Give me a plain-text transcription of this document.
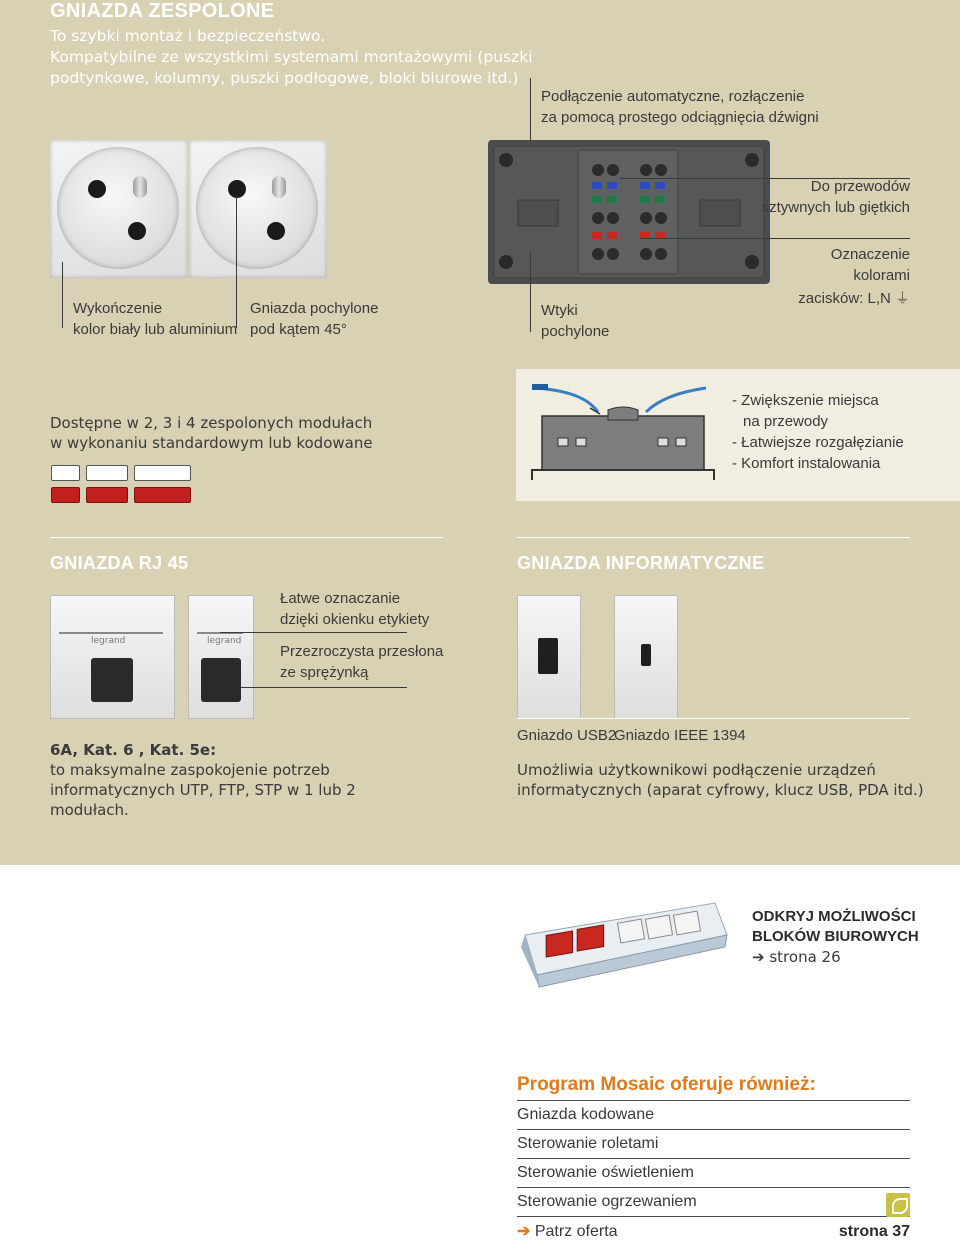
GNIAZDA ZESPOLONE
To szybki montaż i bezpieczeństwo.
Kompatybilne ze wszystkimi systemami montażowymi (puszki
podtynkowe, kolumny, puszki podłogowe, bloki biurowe itd.)
Podłączenie automatyczne, rozłączenie
za pomocą prostego odciągnięcia dźwigni
Wykończenie
kolor biały lub aluminium
Gniazda pochylone
pod kątem 45°
Do przewodów
sztywnych lub giętkich
Oznaczenie
kolorami
zacisków: L,N ⏚
Wtyki
pochylone
Dostępne w 2, 3 i 4 zespolonych modułach
w wykonaniu standardowym lub kodowane
- Zwiększenie miejsca
na przewody
- Łatwiejsze rozgałęzianie
- Komfort instalowania
GNIAZDA RJ 45	GNIAZDA INFORMATYCZNE
legrand	legrand
Łatwe oznaczanie
dzięki okienku etykiety
Przezroczysta przesłona
ze sprężynką
6A, Kat. 6 , Kat. 5e:
to maksymalne zaspokojenie potrzeb
informatycznych UTP, FTP, STP w 1 lub 2
modułach.
Gniazdo USB2
Gniazdo IEEE 1394
Umożliwia użytkownikowi podłączenie urządzeń
informatycznych (aparat cyfrowy, klucz USB, PDA itd.)
ODKRYJ MOŻLIWOŚCI
BLOKÓW BIUROWYCH
➔ strona 26
Program Mosaic oferuje również:
Gniazda kodowane
Sterowanie roletami
Sterowanie oświetleniem
Sterowanie ogrzewaniem
➔ Patrz oferta	strona 37
